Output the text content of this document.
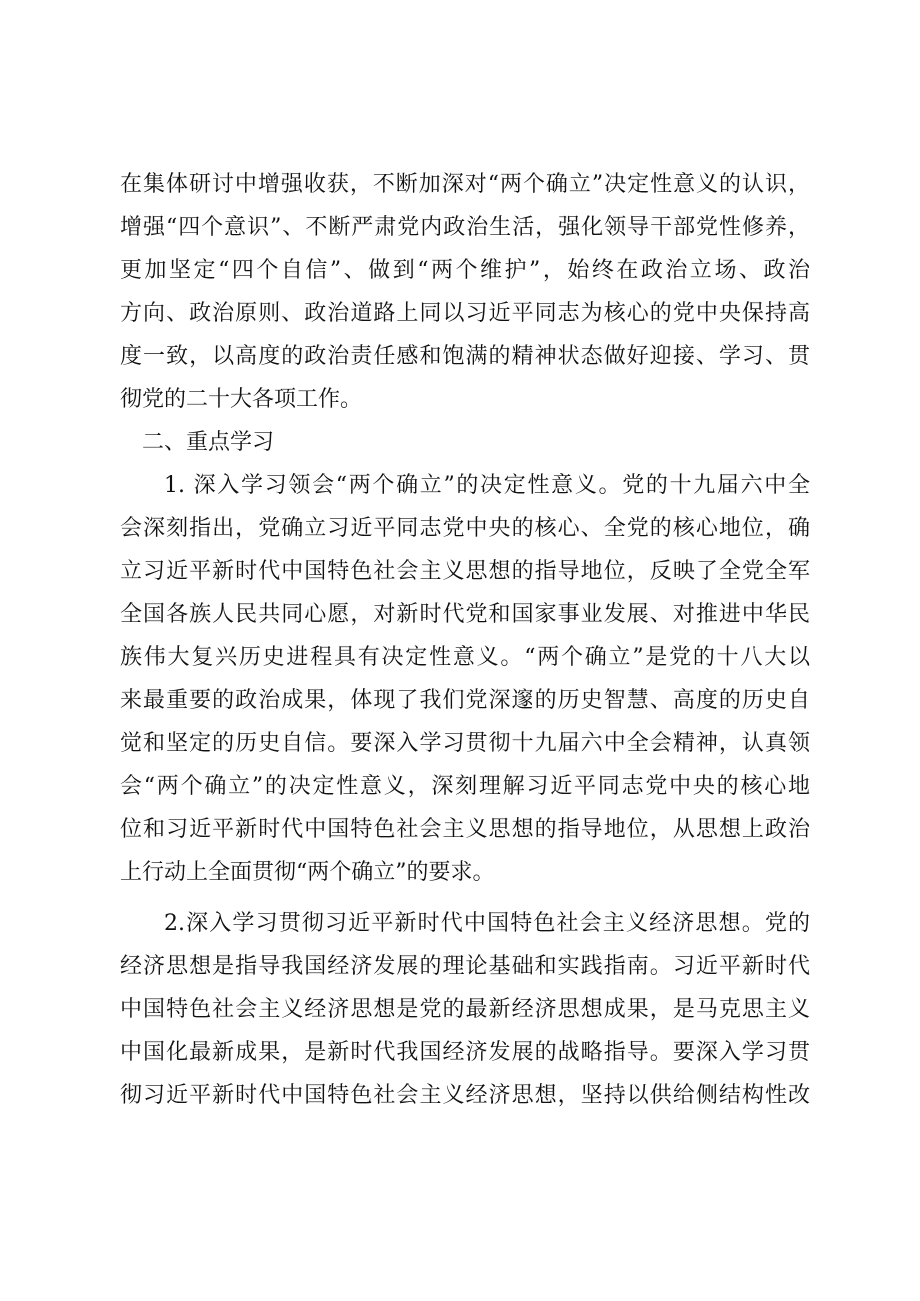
在集体研讨中增强收获，不断加深对“两个确立”决定性意义的认识，
增强“四个意识”、不断严肃党内政治生活，强化领导干部党性修养，
更加坚定“四个自信”、做到“两个维护”，始终在政治立场、政治
方向、政治原则、政治道路上同以习近平同志为核心的党中央保持高
度一致，以高度的政治责任感和饱满的精神状态做好迎接、学习、贯
彻党的二十大各项工作。
二、重点学习
1. 深入学习领会“两个确立”的决定性意义。党的十九届六中全
会深刻指出，党确立习近平同志党中央的核心、全党的核心地位，确
立习近平新时代中国特色社会主义思想的指导地位，反映了全党全军
全国各族人民共同心愿，对新时代党和国家事业发展、对推进中华民
族伟大复兴历史进程具有决定性意义。“两个确立”是党的十八大以
来最重要的政治成果，体现了我们党深邃的历史智慧、高度的历史自
觉和坚定的历史自信。要深入学习贯彻十九届六中全会精神，认真领
会“两个确立”的决定性意义，深刻理解习近平同志党中央的核心地
位和习近平新时代中国特色社会主义思想的指导地位，从思想上政治
上行动上全面贯彻“两个确立”的要求。
2.深入学习贯彻习近平新时代中国特色社会主义经济思想。党的
经济思想是指导我国经济发展的理论基础和实践指南。习近平新时代
中国特色社会主义经济思想是党的最新经济思想成果，是马克思主义
中国化最新成果，是新时代我国经济发展的战略指导。要深入学习贯
彻习近平新时代中国特色社会主义经济思想，坚持以供给侧结构性改
